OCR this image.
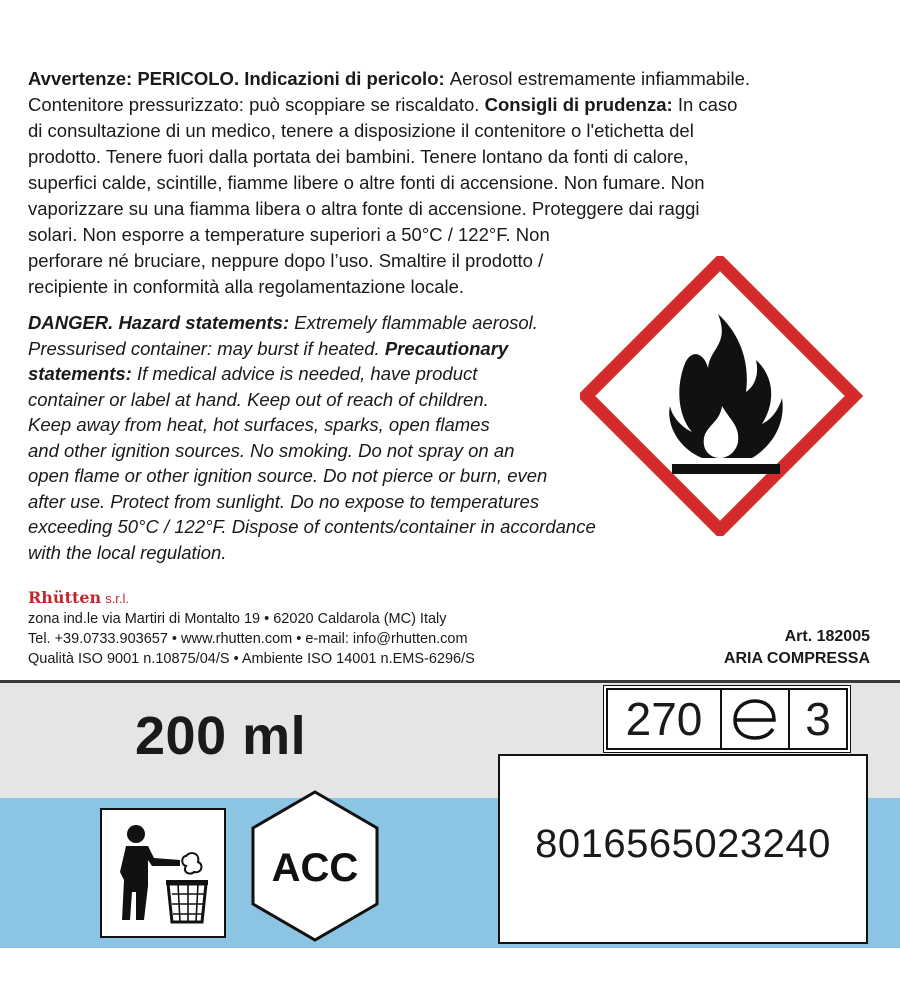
Avvertenze: PERICOLO. Indicazioni di pericolo: Aerosol estremamente infiammabile.
Contenitore pressurizzato: può scoppiare se riscaldato. Consigli di prudenza: In caso
di consultazione di un medico, tenere a disposizione il contenitore o l'etichetta del
prodotto. Tenere fuori dalla portata dei bambini. Tenere lontano da fonti di calore,
superfici calde, scintille, fiamme libere o altre fonti di accensione. Non fumare. Non
vaporizzare su una fiamma libera o altra fonte di accensione. Proteggere dai raggi
solari. Non esporre a temperature superiori a 50°C / 122°F. Non
perforare né bruciare, neppure dopo l’uso. Smaltire il prodotto /
recipiente in conformità alla regolamentazione locale.
DANGER. Hazard statements: Extremely flammable aerosol.
Pressurised container: may burst if heated. Precautionary
statements: If medical advice is needed, have product
container or label at hand. Keep out of reach of children.
Keep away from heat, hot surfaces, sparks, open flames
and other ignition sources. No smoking. Do not spray on an
open flame or other ignition source. Do not pierce or burn, even
after use. Protect from sunlight. Do no expose to temperatures
exceeding 50°C / 122°F. Dispose of contents/container in accordance
with the local regulation.
Rhütten s.r.l.
zona ind.le via Martiri di Montalto 19 • 62020 Caldarola (MC) Italy
Tel. +39.0733.903657 • www.rhutten.com • e-mail: info@rhutten.com
Qualità ISO 9001 n.10875/04/S • Ambiente ISO 14001 n.EMS-6296/S
Art. 182005
ARIA COMPRESSA
200 ml	270	3
8016565023240
ACC
